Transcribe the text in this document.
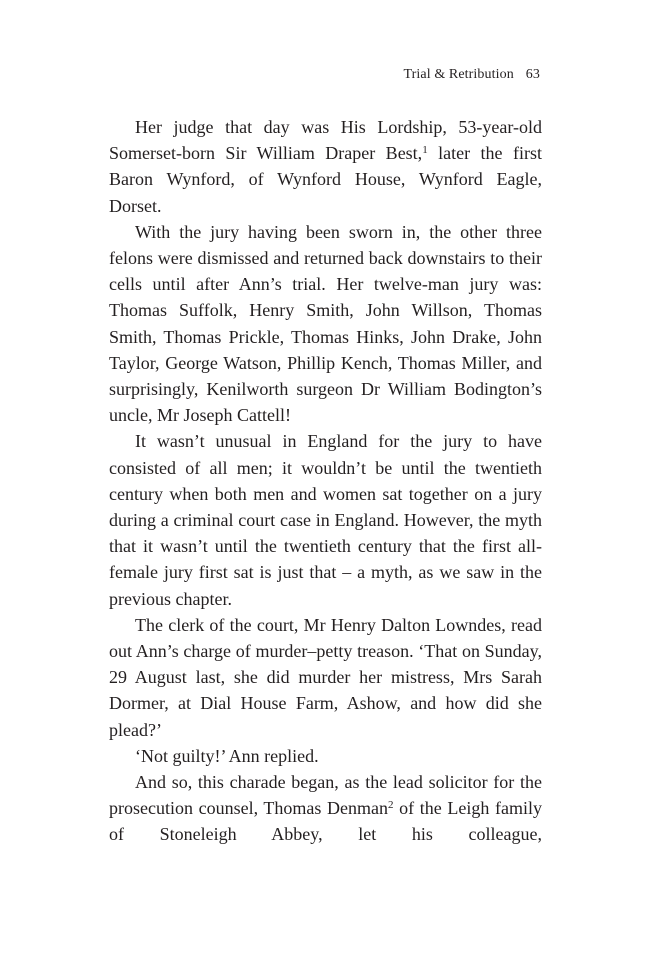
Trial & Retribution 63

Her judge that day was His Lordship, 53-year-old Somerset-born Sir William Draper Best,$^1$ later the first Baron Wynford, of Wynford House, Wynford Eagle, Dorset.

With the jury having been sworn in, the other three felons were dismissed and returned back downstairs to their cells until after Ann’s trial. Her twelve-man jury was: Thomas Suffolk, Henry Smith, John Willson, Thomas Smith, Thomas Prickle, Thomas Hinks, John Drake, John Taylor, George Watson, Phillip Kench, Thomas Miller, and surprisingly, Kenilworth surgeon Dr William Bodington’s uncle, Mr Joseph Cattell!

It wasn’t unusual in England for the jury to have consisted of all men; it wouldn’t be until the twentieth century when both men and women sat together on a jury during a criminal court case in England. However, the myth that it wasn’t until the twentieth century that the first all-female jury first sat is just that – a myth, as we saw in the previous chapter.

The clerk of the court, Mr Henry Dalton Lowndes, read out Ann’s charge of murder–petty treason. ‘That on Sunday, 29 August last, she did murder her mistress, Mrs Sarah Dormer, at Dial House Farm, Ashow, and how did she plead?’

‘Not guilty!’ Ann replied.

And so, this charade began, as the lead solicitor for the prosecution counsel, Thomas Denman$^2$ of the Leigh family of Stoneleigh Abbey, let his colleague,
